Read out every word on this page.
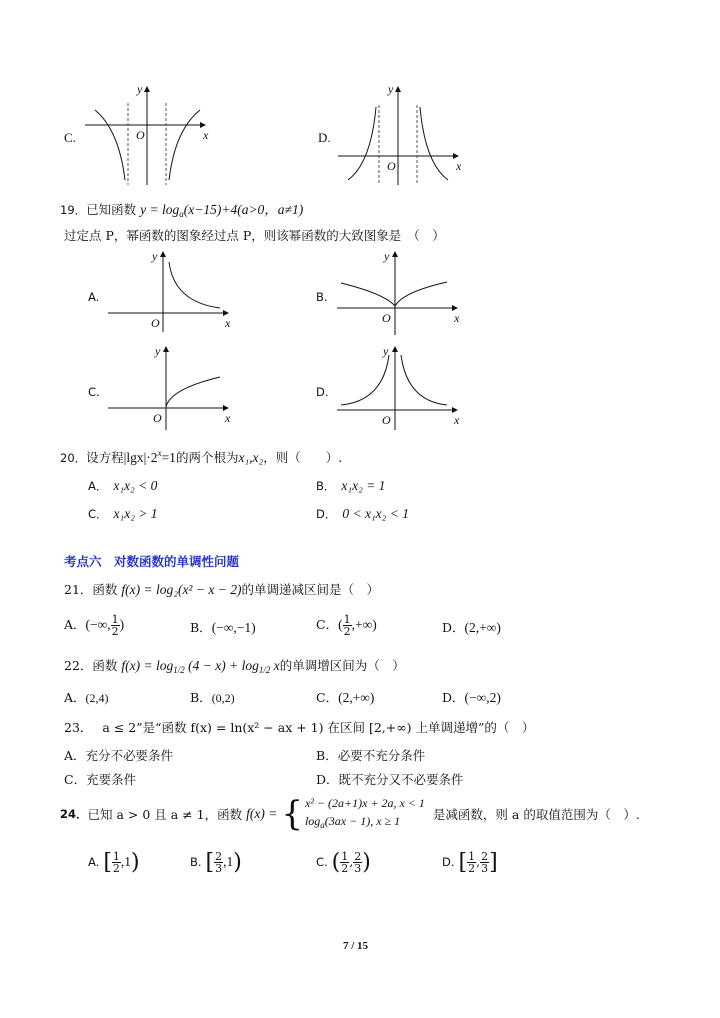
C.
y
x
O	D.
y
x
O
19．已知函数 $y = \log_a(x-15)+4(a>0$，a≠1)
过定点 P，幂函数的图象经过点 P，则该幂函数的大致图象是 （　）
A.
y
x
O
B.
y
x
O
C.
y
x
O
D.
y
x
O
20．设方程$|\lg x|\cdot 2^x=1$的两个根为x₁,x₂，则（　　）.
A． x₁x₂ < 0	B． x₁x₂ = 1
C． x₁x₂ > 1	D． 0 < x₁x₂ < 1
考点六　对数函数的单调性问题
21．函数 f(x) = log₂(x² − x − 2)的单调递减区间是（　）
A．(−∞, $\frac{1}{2}$ )	B．(−∞,−1)	C．( $\frac{1}{2}$ ,+∞)	D．(2,+∞)
22．函数 $f(x) = \log_{1/2} (4 - x) + \log_{1/2} x$的单调增区间为（　）
A．(2,4)	B．(0,2)	C．(2,+∞)	D．(−∞,2)
23． a ≤ 2”是“函数 f(x) = ln(x² − ax + 1) 在区间 [2,+∞) 上单调递增”的（　）
A．充分不必要条件	B．必要不充分条件
C．充要条件	D．既不充分又不必要条件
24． 已知 a > 0 且 a ≠ 1，函数 f(x) = { x² − (2a+1)x + 2a, x < 1
$\log_a(3ax - 1)$, x ≥ 1	是减函数，则 a 的取值范围为（　）.
A. [ $\frac{1}{2} ,1$)	B. [ $\frac{2}{3} ,1$)	C. ( $\frac{1}{2}$ , $\frac{2}{3}$ )	D. [ $\frac{1}{2}$ , $\frac{2}{3}$ ]
7 / 15
